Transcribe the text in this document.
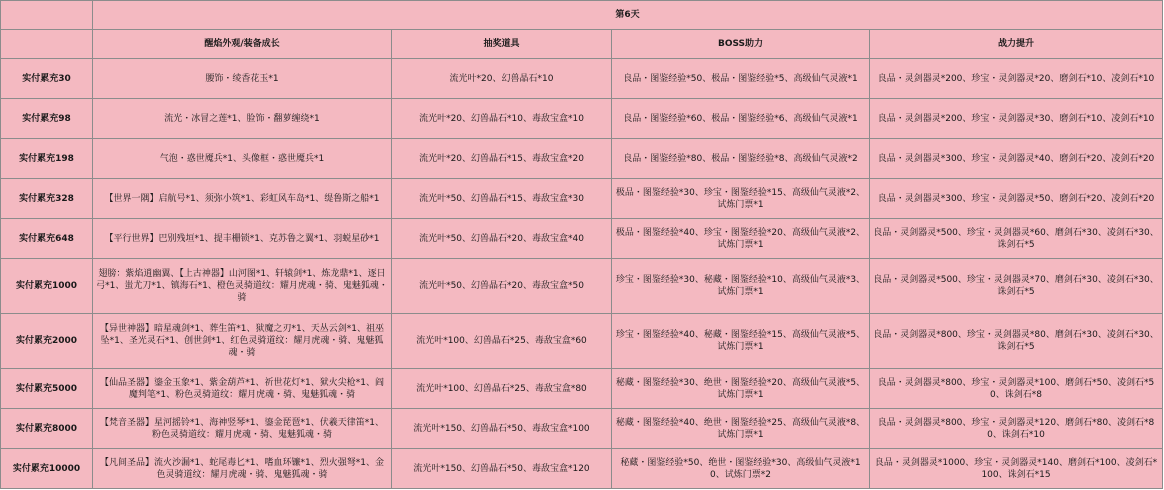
	第6天			
	醒焰外观/装备成长	抽奖道具	BOSS助力	战力提升
实付累充30	腰饰・绫香花玉*1	流光叶*20、幻兽晶石*10	良品・图鉴经验*50、极品・图鉴经验*5、高级仙气灵液*1	良品・灵剑器灵*200、珍宝・灵剑器灵*20、磨剑石*10、凌剑石*10
实付累充98	流光・冰冒之莲*1、脸饰・翻萝缠绕*1	流光叶*20、幻兽晶石*10、毒敌宝盒*10	良品・图鉴经验*60、极品・图鉴经验*6、高级仙气灵液*1	良品・灵剑器灵*200、珍宝・灵剑器灵*30、磨剑石*10、凌剑石*10
实付累充198	气泡・惑世魇兵*1、头像框・惑世魇兵*1	流光叶*20、幻兽晶石*15、毒敌宝盒*20	良品・图鉴经验*80、极品・图鉴经验*8、高级仙气灵液*2	良品・灵剑器灵*300、珍宝・灵剑器灵*40、磨剑石*20、凌剑石*20
实付累充328	【世界一隅】启航号*1、须弥小筑*1、彩虹风车岛*1、缇鲁斯之船*1	流光叶*50、幻兽晶石*15、毒敌宝盒*30	极品・图鉴经验*30、珍宝・图鉴经验*15、高级仙气灵液*2、试炼门票*1	良品・灵剑器灵*300、珍宝・灵剑器灵*50、磨剑石*20、凌剑石*20
实付累充648	【平行世界】巴别残垣*1、提丰栅锁*1、克苏鲁之翼*1、羽蜕星砂*1	流光叶*50、幻兽晶石*20、毒敌宝盒*40	极品・图鉴经验*40、珍宝・图鉴经验*20、高级仙气灵液*2、试炼门票*1	良品・灵剑器灵*500、珍宝・灵剑器灵*60、磨剑石*30、凌剑石*30、诛剑石*5
实付累充1000	翅膀：紫焰逍幽翼、【上古神器】山河图*1、轩辕剑*1、炼龙鼎*1、逐日弓*1、蚩尤刀*1、镇海石*1、橙色灵骑道纹：耀月虎魂・骑、鬼魅狐魂・骑	流光叶*50、幻兽晶石*20、毒敌宝盒*50	珍宝・图鉴经验*30、秘藏・图鉴经验*10、高级仙气灵液*3、试炼门票*1	良品・灵剑器灵*500、珍宝・灵剑器灵*70、磨剑石*30、凌剑石*30、诛剑石*5
实付累充2000	【异世神器】暗星魂剑*1、葬生笛*1、狱魔之刃*1、天丛云剑*1、祖巫坠*1、圣光灵石*1、创世剑*1、红色灵骑道纹：耀月虎魂・骑、鬼魅狐魂・骑	流光叶*100、幻兽晶石*25、毒敌宝盒*60	珍宝・图鉴经验*40、秘藏・图鉴经验*15、高级仙气灵液*5、试炼门票*1	良品・灵剑器灵*800、珍宝・灵剑器灵*80、磨剑石*30、凌剑石*30、诛剑石*5
实付累充5000	【仙品圣器】鎏金玉象*1、紫金葫芦*1、祈世花灯*1、狱火尖枪*1、阎魔判笔*1、粉色灵骑道纹：耀月虎魂・骑、鬼魅狐魂・骑	流光叶*100、幻兽晶石*25、毒敌宝盒*80	秘藏・图鉴经验*30、绝世・图鉴经验*20、高级仙气灵液*5、试炼门票*1	良品・灵剑器灵*800、珍宝・灵剑器灵*100、磨剑石*50、凌剑石*50、诛剑石*8
实付累充8000	【梵音圣器】星河摇铃*1、海神竖琴*1、鎏金琵琶*1、伏羲天律笛*1、粉色灵骑道纹：耀月虎魂・骑、鬼魅狐魂・骑	流光叶*150、幻兽晶石*50、毒敌宝盒*100	秘藏・图鉴经验*40、绝世・图鉴经验*25、高级仙气灵液*8、试炼门票*1	良品・灵剑器灵*800、珍宝・灵剑器灵*120、磨剑石*80、凌剑石*80、诛剑石*10
实付累充10000	【凡间圣品】流火沙漏*1、蛇尾毒匕*1、嗜血环镰*1、烈火强弩*1、金色灵骑道纹：耀月虎魂・骑、鬼魅狐魂・骑	流光叶*150、幻兽晶石*50、毒敌宝盒*120	秘藏・图鉴经验*50、绝世・图鉴经验*30、高级仙气灵液*10、试炼门票*2	良品・灵剑器灵*1000、珍宝・灵剑器灵*140、磨剑石*100、凌剑石*100、诛剑石*15
